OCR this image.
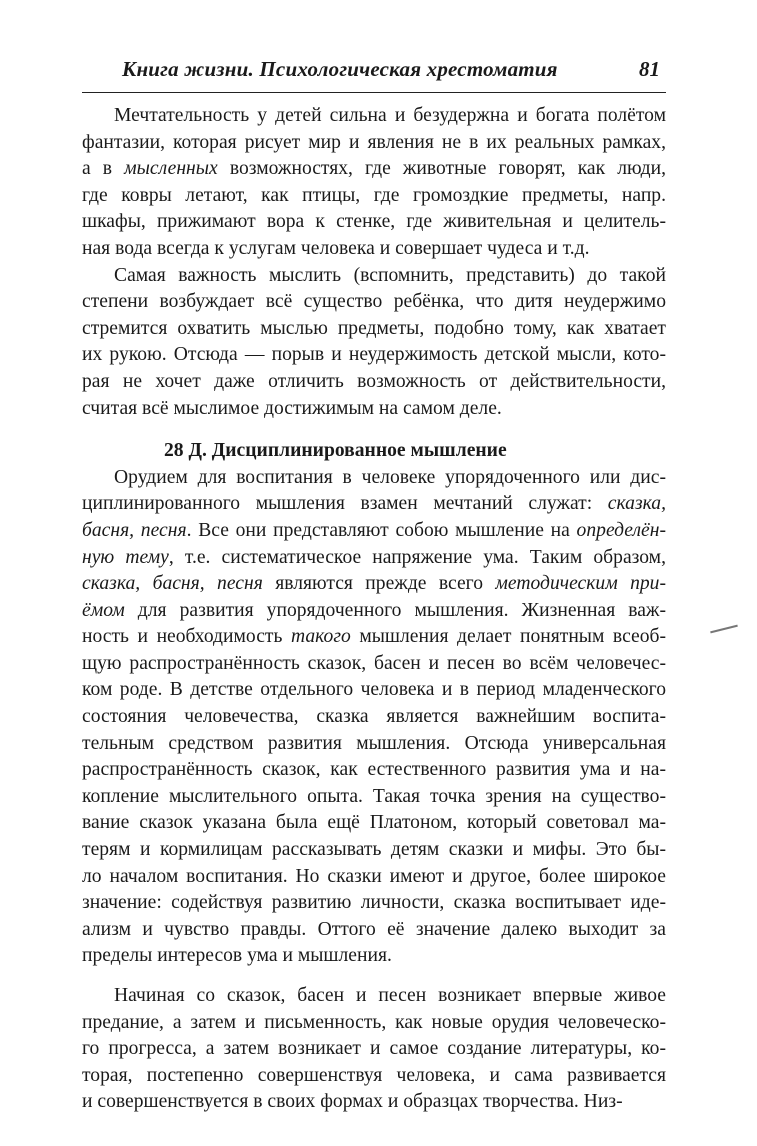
Книга жизни. Психологическая хрестоматия	81
Мечтательность у детей сильна и безудержна и богата полётом
фантазии, которая рисует мир и явления не в их реальных рамках,
а в мысленных возможностях, где животные говорят, как люди,
где ковры летают, как птицы, где громоздкие предметы, напр.
шкафы, прижимают вора к стенке, где живительная и целитель-
ная вода всегда к услугам человека и совершает чудеса и т.д.
Самая важность мыслить (вспомнить, представить) до такой
степени возбуждает всё существо ребёнка, что дитя неудержимо
стремится охватить мыслью предметы, подобно тому, как хватает
их рукою. Отсюда — порыв и неудержимость детской мысли, кото-
рая не хочет даже отличить возможность от действительности,
считая всё мыслимое достижимым на самом деле.
28 Д. Дисциплинированное мышление
Орудием для воспитания в человеке упорядоченного или дис-
циплинированного мышления взамен мечтаний служат: сказка,
басня, песня. Все они представляют собою мышление на определён-
ную тему, т.е. систематическое напряжение ума. Таким образом,
сказка, басня, песня являются прежде всего методическим при-
ёмом для развития упорядоченного мышления. Жизненная важ-
ность и необходимость такого мышления делает понятным всеоб-
щую распространённость сказок, басен и песен во всём человечес-
ком роде. В детстве отдельного человека и в период младенческого
состояния человечества, сказка является важнейшим воспита-
тельным средством развития мышления. Отсюда универсальная
распространённость сказок, как естественного развития ума и на-
копление мыслительного опыта. Такая точка зрения на существо-
вание сказок указана была ещё Платоном, который советовал ма-
терям и кормилицам рассказывать детям сказки и мифы. Это бы-
ло началом воспитания. Но сказки имеют и другое, более широкое
значение: содействуя развитию личности, сказка воспитывает иде-
ализм и чувство правды. Оттого её значение далеко выходит за
пределы интересов ума и мышления.
Начиная со сказок, басен и песен возникает впервые живое
предание, а затем и письменность, как новые орудия человеческо-
го прогресса, а затем возникает и самое создание литературы, ко-
торая, постепенно совершенствуя человека, и сама развивается
и совершенствуется в своих формах и образцах творчества. Низ-
